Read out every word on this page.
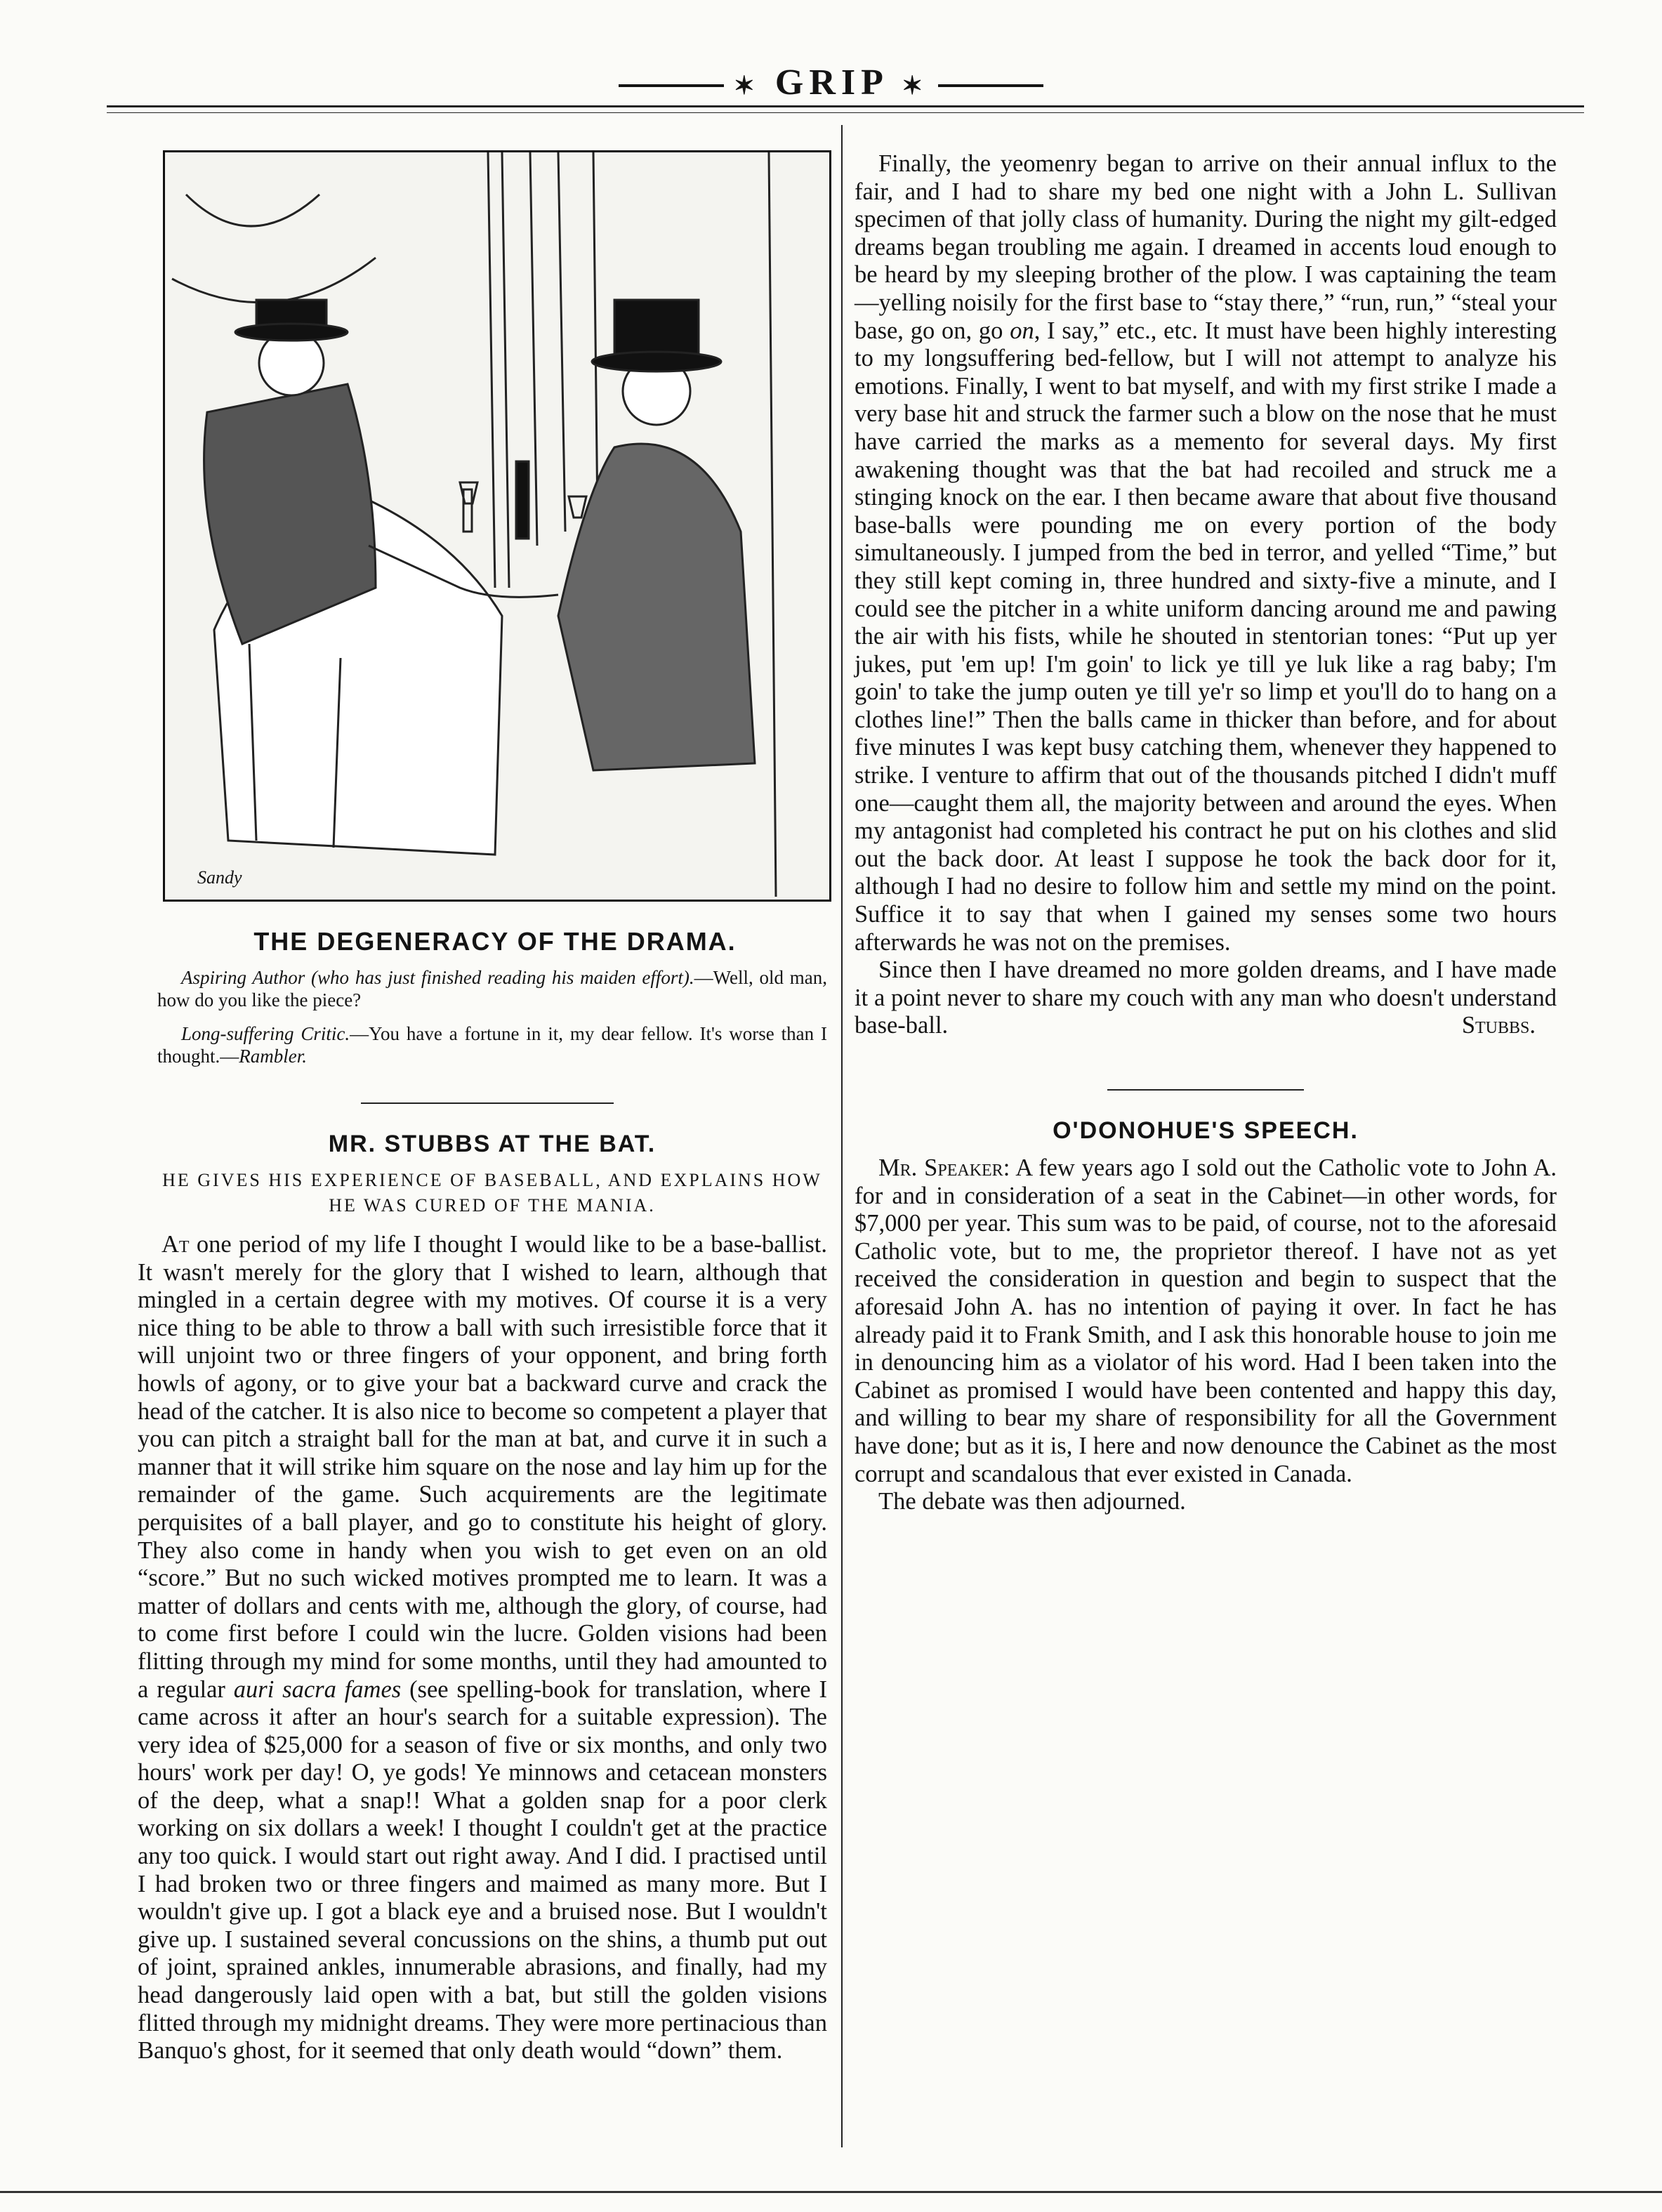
✶ GRIP ✶
Sandy
THE DEGENERACY OF THE DRAMA.

Aspiring Author (who has just finished reading his maiden effort).—Well, old man, how do you like the piece?

Long-suffering Critic.—You have a fortune in it, my dear fellow. It's worse than I thought.—Rambler.

MR. STUBBS AT THE BAT.
HE GIVES HIS EXPERIENCE OF BASEBALL, AND EXPLAINS HOW HE WAS CURED OF THE MANIA.

At one period of my life I thought I would like to be a base-ballist. It wasn't merely for the glory that I wished to learn, although that mingled in a certain degree with my motives. Of course it is a very nice thing to be able to throw a ball with such irresistible force that it will unjoint two or three fingers of your opponent, and bring forth howls of agony, or to give your bat a backward curve and crack the head of the catcher. It is also nice to become so competent a player that you can pitch a straight ball for the man at bat, and curve it in such a manner that it will strike him square on the nose and lay him up for the remainder of the game. Such acquirements are the legitimate perquisites of a ball player, and go to constitute his height of glory. They also come in handy when you wish to get even on an old “score.” But no such wicked motives prompted me to learn. It was a matter of dollars and cents with me, although the glory, of course, had to come first before I could win the lucre. Golden visions had been flitting through my mind for some months, until they had amounted to a regular auri sacra fames (see spelling-book for translation, where I came across it after an hour's search for a suitable expression). The very idea of $25,000 for a season of five or six months, and only two hours' work per day! O, ye gods! Ye minnows and cetacean monsters of the deep, what a snap!! What a golden snap for a poor clerk working on six dollars a week! I thought I couldn't get at the practice any too quick. I would start out right away. And I did. I practised until I had broken two or three fingers and maimed as many more. But I wouldn't give up. I got a black eye and a bruised nose. But I wouldn't give up. I sustained several concussions on the shins, a thumb put out of joint, sprained ankles, innumerable abrasions, and finally, had my head dangerously laid open with a bat, but still the golden visions flitted through my midnight dreams. They were more pertinacious than Banquo's ghost, for it seemed that only death would “down” them.

Finally, the yeomenry began to arrive on their annual influx to the fair, and I had to share my bed one night with a John L. Sullivan specimen of that jolly class of humanity. During the night my gilt-edged dreams began troubling me again. I dreamed in accents loud enough to be heard by my sleeping brother of the plow. I was captaining the team—yelling noisily for the first base to “stay there,” “run, run,” “steal your base, go on, go on, I say,” etc., etc. It must have been highly interesting to my longsuffering bed-fellow, but I will not attempt to analyze his emotions. Finally, I went to bat myself, and with my first strike I made a very base hit and struck the farmer such a blow on the nose that he must have carried the marks as a memento for several days. My first awakening thought was that the bat had recoiled and struck me a stinging knock on the ear. I then became aware that about five thousand base-balls were pounding me on every portion of the body simultaneously. I jumped from the bed in terror, and yelled “Time,” but they still kept coming in, three hundred and sixty-five a minute, and I could see the pitcher in a white uniform dancing around me and pawing the air with his fists, while he shouted in stentorian tones: “Put up yer jukes, put 'em up! I'm goin' to lick ye till ye luk like a rag baby; I'm goin' to take the jump outen ye till ye'r so limp et you'll do to hang on a clothes line!” Then the balls came in thicker than before, and for about five minutes I was kept busy catching them, whenever they happened to strike. I venture to affirm that out of the thousands pitched I didn't muff one—caught them all, the majority between and around the eyes. When my antagonist had completed his contract he put on his clothes and slid out the back door. At least I suppose he took the back door for it, although I had no desire to follow him and settle my mind on the point. Suffice it to say that when I gained my senses some two hours afterwards he was not on the premises.

Since then I have dreamed no more golden dreams, and I have made it a point never to share my couch with any man who doesn't understand base-ball.	Stubbs.

O'DONOHUE'S SPEECH.

Mr. Speaker: A few years ago I sold out the Catholic vote to John A. for and in consideration of a seat in the Cabinet—in other words, for $7,000 per year. This sum was to be paid, of course, not to the aforesaid Catholic vote, but to me, the proprietor thereof. I have not as yet received the consideration in question and begin to suspect that the aforesaid John A. has no intention of paying it over. In fact he has already paid it to Frank Smith, and I ask this honorable house to join me in denouncing him as a violator of his word. Had I been taken into the Cabinet as promised I would have been contented and happy this day, and willing to bear my share of responsibility for all the Government have done; but as it is, I here and now denounce the Cabinet as the most corrupt and scandalous that ever existed in Canada.

The debate was then adjourned.
